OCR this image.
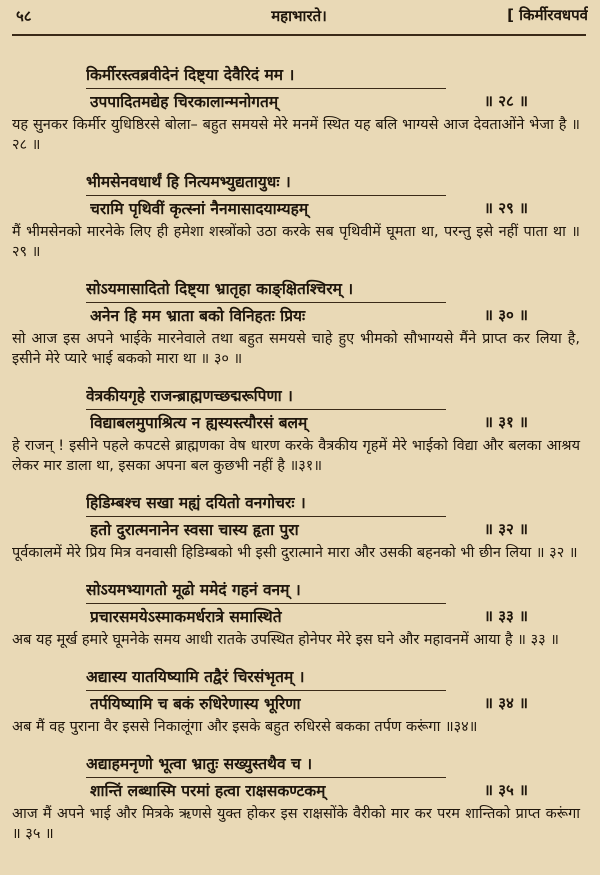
५८	महाभारते।	[ किर्मीरवधपर्व
किर्मीरस्त्वब्रवीदेनं दिष्ट्या देवैरिदं मम ।
उपपादितमद्येह चिरकालान्मनोगतम्	॥ २८ ॥
यह सुनकर किर्मीर युधिष्ठिरसे बोला– बहुत समयसे मेरे मनमें स्थित यह बलि भाग्यसे आज देवताओंने भेजा है ॥ २८ ॥
भीमसेनवधार्थं हि नित्यमभ्युद्यतायुधः ।
चरामि पृथिवीं कृत्स्नां नैनमासादयाम्यहम्	॥ २९ ॥
मैं भीमसेनको मारनेके लिए ही हमेशा शस्त्रोंको उठा करके सब पृथिवीमें घूमता था, परन्तु इसे नहीं पाता था ॥ २९ ॥
सोऽयमासादितो दिष्ट्या भ्रातृहा काङ्क्षितश्चिरम् ।
अनेन हि मम भ्राता बको विनिहतः प्रियः	॥ ३० ॥
सो आज इस अपने भाईके मारनेवाले तथा बहुत समयसे चाहे हुए भीमको सौभाग्यसे मैंने प्राप्त कर लिया है, इसीने मेरे प्यारे भाई बकको मारा था ॥ ३० ॥
वेत्रकीयगृहे राजन्ब्राह्मणच्छद्मरूपिणा ।
विद्याबलमुपाश्रित्य न ह्यस्यस्त्यौरसं बलम्	॥ ३१ ॥
हे राजन् ! इसीने पहले कपटसे ब्राह्मणका वेष धारण करके वैत्रकीय गृहमें मेरे भाईको विद्या और बलका आश्रय लेकर मार डाला था, इसका अपना बल कुछभी नहीं है ॥३१॥
हिडिम्बश्च सखा मह्यं दयितो वनगोचरः ।
हतो दुरात्मनानेन स्वसा चास्य हृता पुरा	॥ ३२ ॥
पूर्वकालमें मेरे प्रिय मित्र वनवासी हिडिम्बको भी इसी दुरात्माने मारा और उसकी बहनको भी छीन लिया ॥ ३२ ॥
सोऽयमभ्यागतो मूढो ममेदं गहनं वनम् ।
प्रचारसमयेऽस्माकमर्धरात्रे समास्थिते	॥ ३३ ॥
अब यह मूर्ख हमारे घूमनेके समय आधी रातके उपस्थित होनेपर मेरे इस घने और महावनमें आया है ॥ ३३ ॥
अद्यास्य यातयिष्यामि तद्वैरं चिरसंभृतम् ।
तर्पयिष्यामि च बकं रुधिरेणास्य भूरिणा	॥ ३४ ॥
अब मैं वह पुराना वैर इससे निकालूंगा और इसके बहुत रुधिरसे बकका तर्पण करूंगा ॥३४॥
अद्याहमनृणो भूत्वा भ्रातुः सख्युस्तथैव च ।
शान्तिं लब्धास्मि परमां हत्वा राक्षसकण्टकम्	॥ ३५ ॥
आज मैं अपने भाई और मित्रके ऋणसे युक्त होकर इस राक्षसोंके वैरीको मार कर परम शान्तिको प्राप्त करूंगा ॥ ३५ ॥
